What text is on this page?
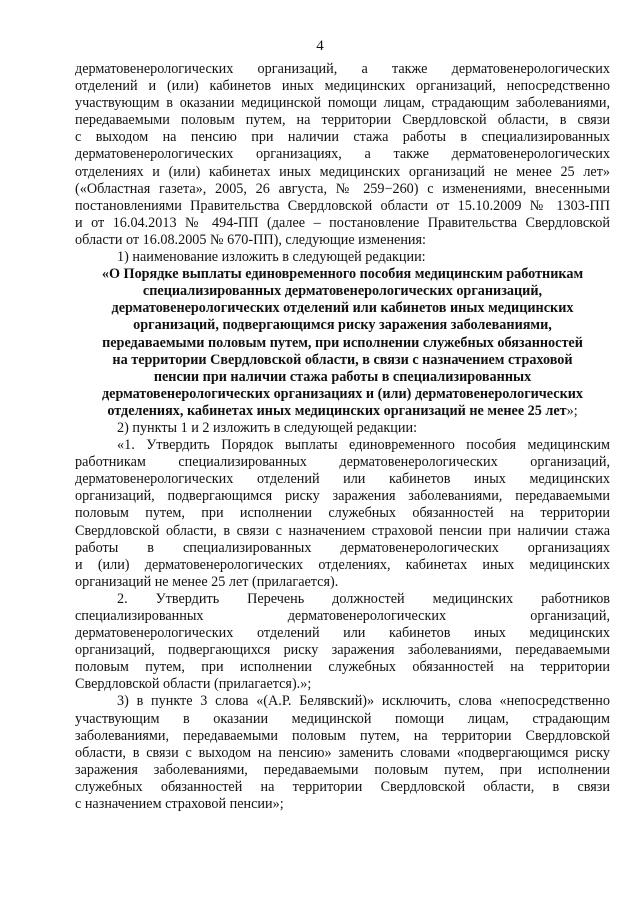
4
дерматовенерологических организаций, а также дерматовенерологических
отделений и (или) кабинетов иных медицинских организаций, непосредственно
участвующим в оказании медицинской помощи лицам, страдающим заболеваниями,
передаваемыми половым путем, на территории Свердловской области, в связи
с выходом на пенсию при наличии стажа работы в специализированных
дерматовенерологических организациях, а также дерматовенерологических
отделениях и (или) кабинетах иных медицинских организаций не менее 25 лет»
(«Областная газета», 2005, 26 августа, № 259−260) с изменениями, внесенными
постановлениями Правительства Свердловской области от 15.10.2009 № 1303-ПП
и от 16.04.2013 № 494-ПП (далее – постановление Правительства Свердловской
области от 16.08.2005 № 670-ПП), следующие изменения:
1) наименование изложить в следующей редакции:
«О Порядке выплаты единовременного пособия медицинским работникам
специализированных дерматовенерологических организаций,
дерматовенерологических отделений или кабинетов иных медицинских
организаций, подвергающимся риску заражения заболеваниями,
передаваемыми половым путем, при исполнении служебных обязанностей
на территории Свердловской области, в связи с назначением страховой
пенсии при наличии стажа работы в специализированных
дерматовенерологических организациях и (или) дерматовенерологических
отделениях, кабинетах иных медицинских организаций не менее 25 лет»;
2) пункты 1 и 2 изложить в следующей редакции:
«1. Утвердить Порядок выплаты единовременного пособия медицинским
работникам специализированных дерматовенерологических организаций,
дерматовенерологических отделений или кабинетов иных медицинских
организаций, подвергающимся риску заражения заболеваниями, передаваемыми
половым путем, при исполнении служебных обязанностей на территории
Свердловской области, в связи с назначением страховой пенсии при наличии стажа
работы в специализированных дерматовенерологических организациях
и (или) дерматовенерологических отделениях, кабинетах иных медицинских
организаций не менее 25 лет (прилагается).
2. Утвердить Перечень должностей медицинских работников
специализированных дерматовенерологических организаций,
дерматовенерологических отделений или кабинетов иных медицинских
организаций, подвергающихся риску заражения заболеваниями, передаваемыми
половым путем, при исполнении служебных обязанностей на территории
Свердловской области (прилагается).»;
3) в пункте 3 слова «(А.Р. Белявский)» исключить, слова «непосредственно
участвующим в оказании медицинской помощи лицам, страдающим
заболеваниями, передаваемыми половым путем, на территории Свердловской
области, в связи с выходом на пенсию» заменить словами «подвергающимся риску
заражения заболеваниями, передаваемыми половым путем, при исполнении
служебных обязанностей на территории Свердловской области, в связи
с назначением страховой пенсии»;
